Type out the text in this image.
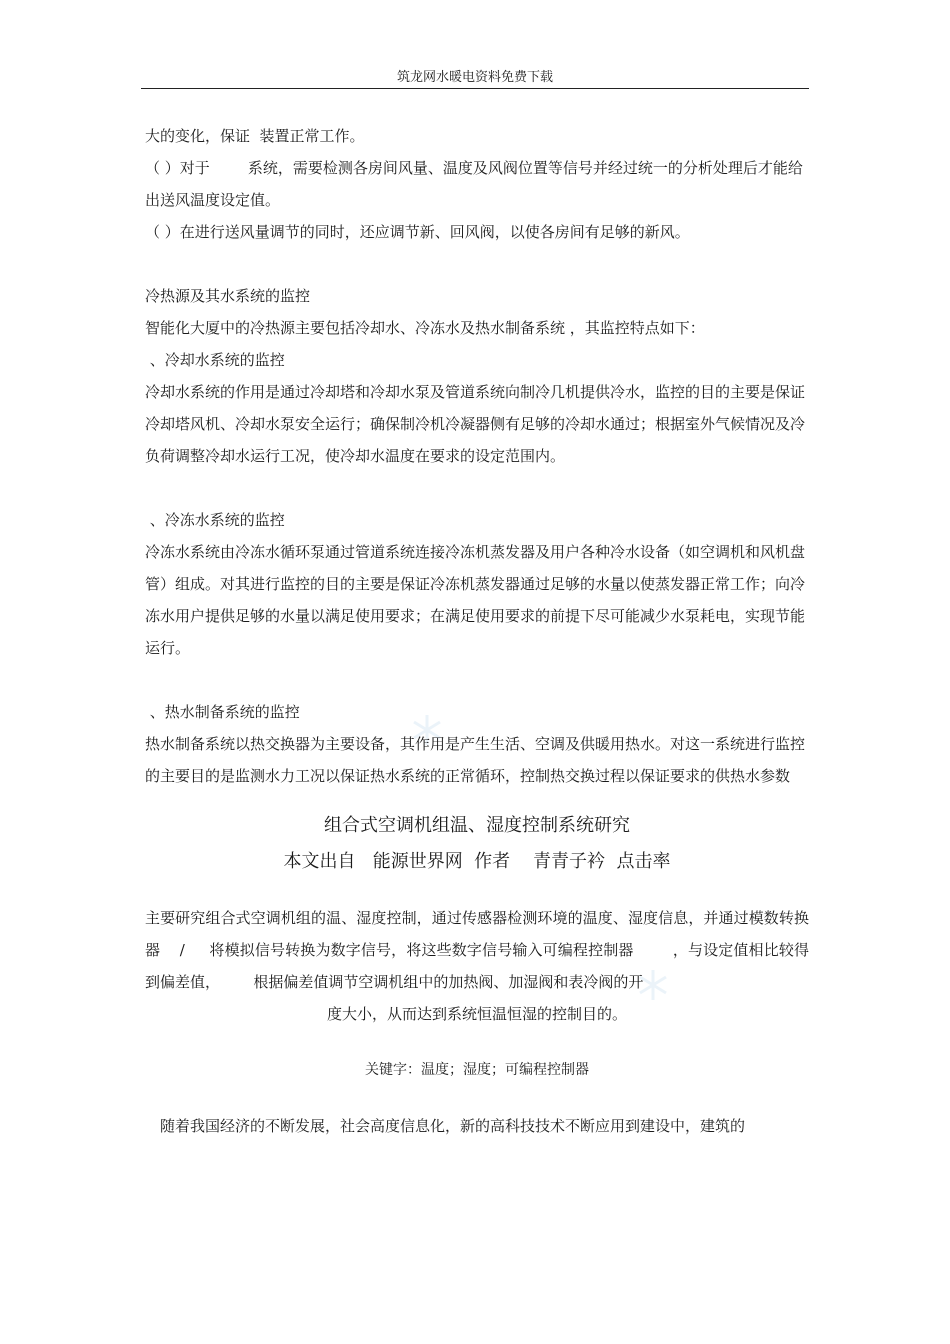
筑龙网水暖电资料免费下载

大的变化，保证  装置正常工作。

（ ）对于        系统，需要检测各房间风量、温度及风阀位置等信号并经过统一的分析处理后才能给出送风温度设定值。

（ ）在进行送风量调节的同时，还应调节新、回风阀，以使各房间有足够的新风。

冷热源及其水系统的监控

智能化大厦中的冷热源主要包括冷却水、冷冻水及热水制备系统 ，其监控特点如下：

、冷却水系统的监控

冷却水系统的作用是通过冷却塔和冷却水泵及管道系统向制冷几机提供冷水，监控的目的主要是保证冷却塔风机、冷却水泵安全运行；确保制冷机冷凝器侧有足够的冷却水通过；根据室外气候情况及冷负荷调整冷却水运行工况，使冷却水温度在要求的设定范围内。

、冷冻水系统的监控

冷冻水系统由冷冻水循环泵通过管道系统连接冷冻机蒸发器及用户各种冷水设备（如空调机和风机盘管）组成。对其进行监控的目的主要是保证冷冻机蒸发器通过足够的水量以使蒸发器正常工作；向冷冻水用户提供足够的水量以满足使用要求；在满足使用要求的前提下尽可能减少水泵耗电，实现节能运行。

、热水制备系统的监控

热水制备系统以热交换器为主要设备，其作用是产生生活、空调及供暖用热水。对这一系统进行监控的主要目的是监测水力工况以保证热水系统的正常循环，控制热交换过程以保证要求的供热水参数

组合式空调机组温、湿度控制系统研究

本文出自   能源世界网  作者    青青子衿  点击率

主要研究组合式空调机组的温、湿度控制，通过传感器检测环境的温度、湿度信息，并通过模数转换器    /     将模拟信号转换为数字信号，将这些数字信号输入可编程控制器        ，与设定值相比较得到偏差值，       根据偏差值调节空调机组中的加热阀、加湿阀和表冷阀的开

度大小，从而达到系统恒温恒湿的控制目的。

关键字：温度；湿度；可编程控制器

随着我国经济的不断发展，社会高度信息化，新的高科技技术不断应用到建设中，建筑的
